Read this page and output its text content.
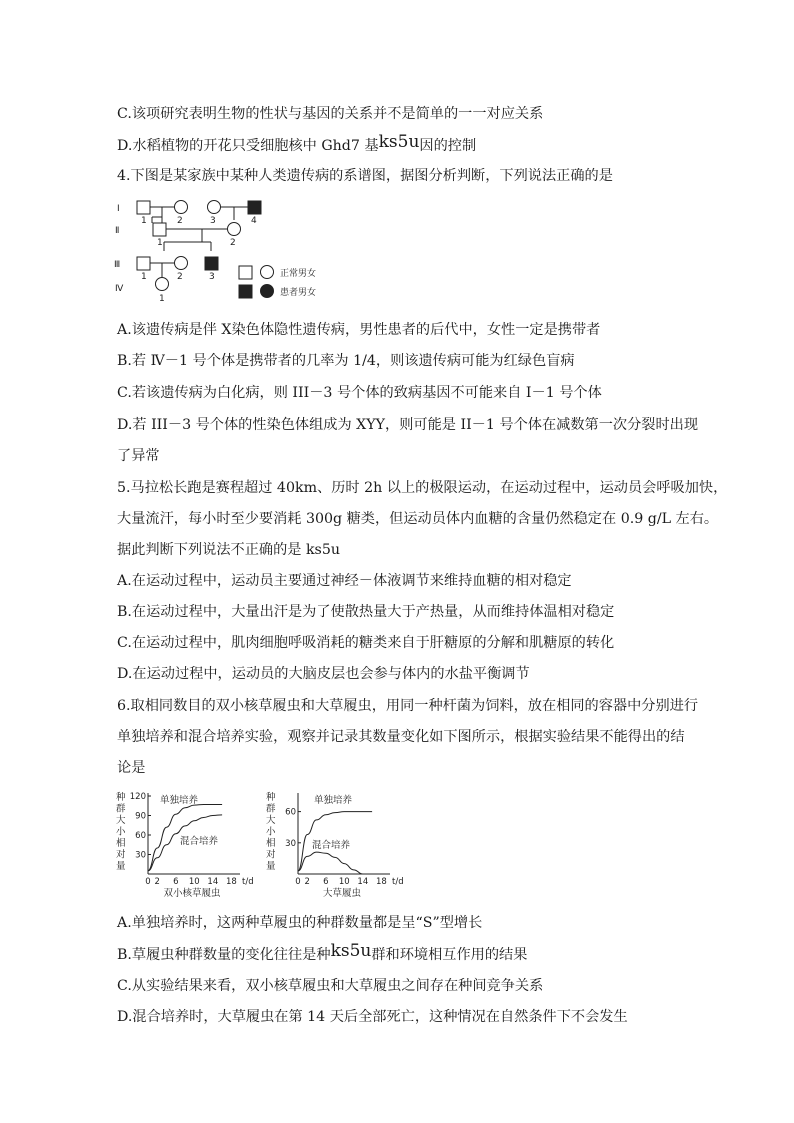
C.该项研究表明生物的性状与基因的关系并不是简单的一一对应关系
D.水稻植物的开花只受细胞核中 Ghd7 基ks5u因的控制
4.下图是某家族中某种人类遗传病的系谱图，据图分析判断，下列说法正确的是
Ⅰ
Ⅱ
Ⅲ
Ⅳ
1	2	3	4
1	2
1	2	3
1
正常男女
患者男女
A.该遗传病是伴 X染色体隐性遗传病，男性患者的后代中，女性一定是携带者
B.若 Ⅳ－1 号个体是携带者的几率为 1/4，则该遗传病可能为红绿色盲病
C.若该遗传病为白化病，则 III－3 号个体的致病基因不可能来自 I－1 号个体
D.若 III－3 号个体的性染色体组成为 XYY，则可能是 II－1 号个体在减数第一次分裂时出现
了异常
5.马拉松长跑是赛程超过 40km、历时 2h 以上的极限运动，在运动过程中，运动员会呼吸加快，
大量流汗，每小时至少要消耗 300g 糖类，但运动员体内血糖的含量仍然稳定在 0.9 g/L 左右。
据此判断下列说法不正确的是 ks5u
A.在运动过程中，运动员主要通过神经－体液调节来维持血糖的相对稳定
B.在运动过程中，大量出汗是为了使散热量大于产热量，从而维持体温相对稳定
C.在运动过程中，肌肉细胞呼吸消耗的糖类来自于肝糖原的分解和肌糖原的转化
D.在运动过程中，运动员的大脑皮层也会参与体内的水盐平衡调节
6.取相同数目的双小核草履虫和大草履虫，用同一种杆菌为饲料，放在相同的容器中分别进行
单独培养和混合培养实验，观察并记录其数量变化如下图所示，根据实验结果不能得出的结
论是
种
群
大
小
相
对
量
30
60
90
120
0 2 6 10 14 18 t/d
双小核草履虫
单独培养
混合培养
种
群
大
小
相
对
量
30
60
0 2 6 10 14 18 t/d
大草履虫
单独培养
混合培养
A.单独培养时，这两种草履虫的种群数量都是呈“S”型增长
B.草履虫种群数量的变化往往是种ks5u群和环境相互作用的结果
C.从实验结果来看，双小核草履虫和大草履虫之间存在种间竞争关系
D.混合培养时，大草履虫在第 14 天后全部死亡，这种情况在自然条件下不会发生
